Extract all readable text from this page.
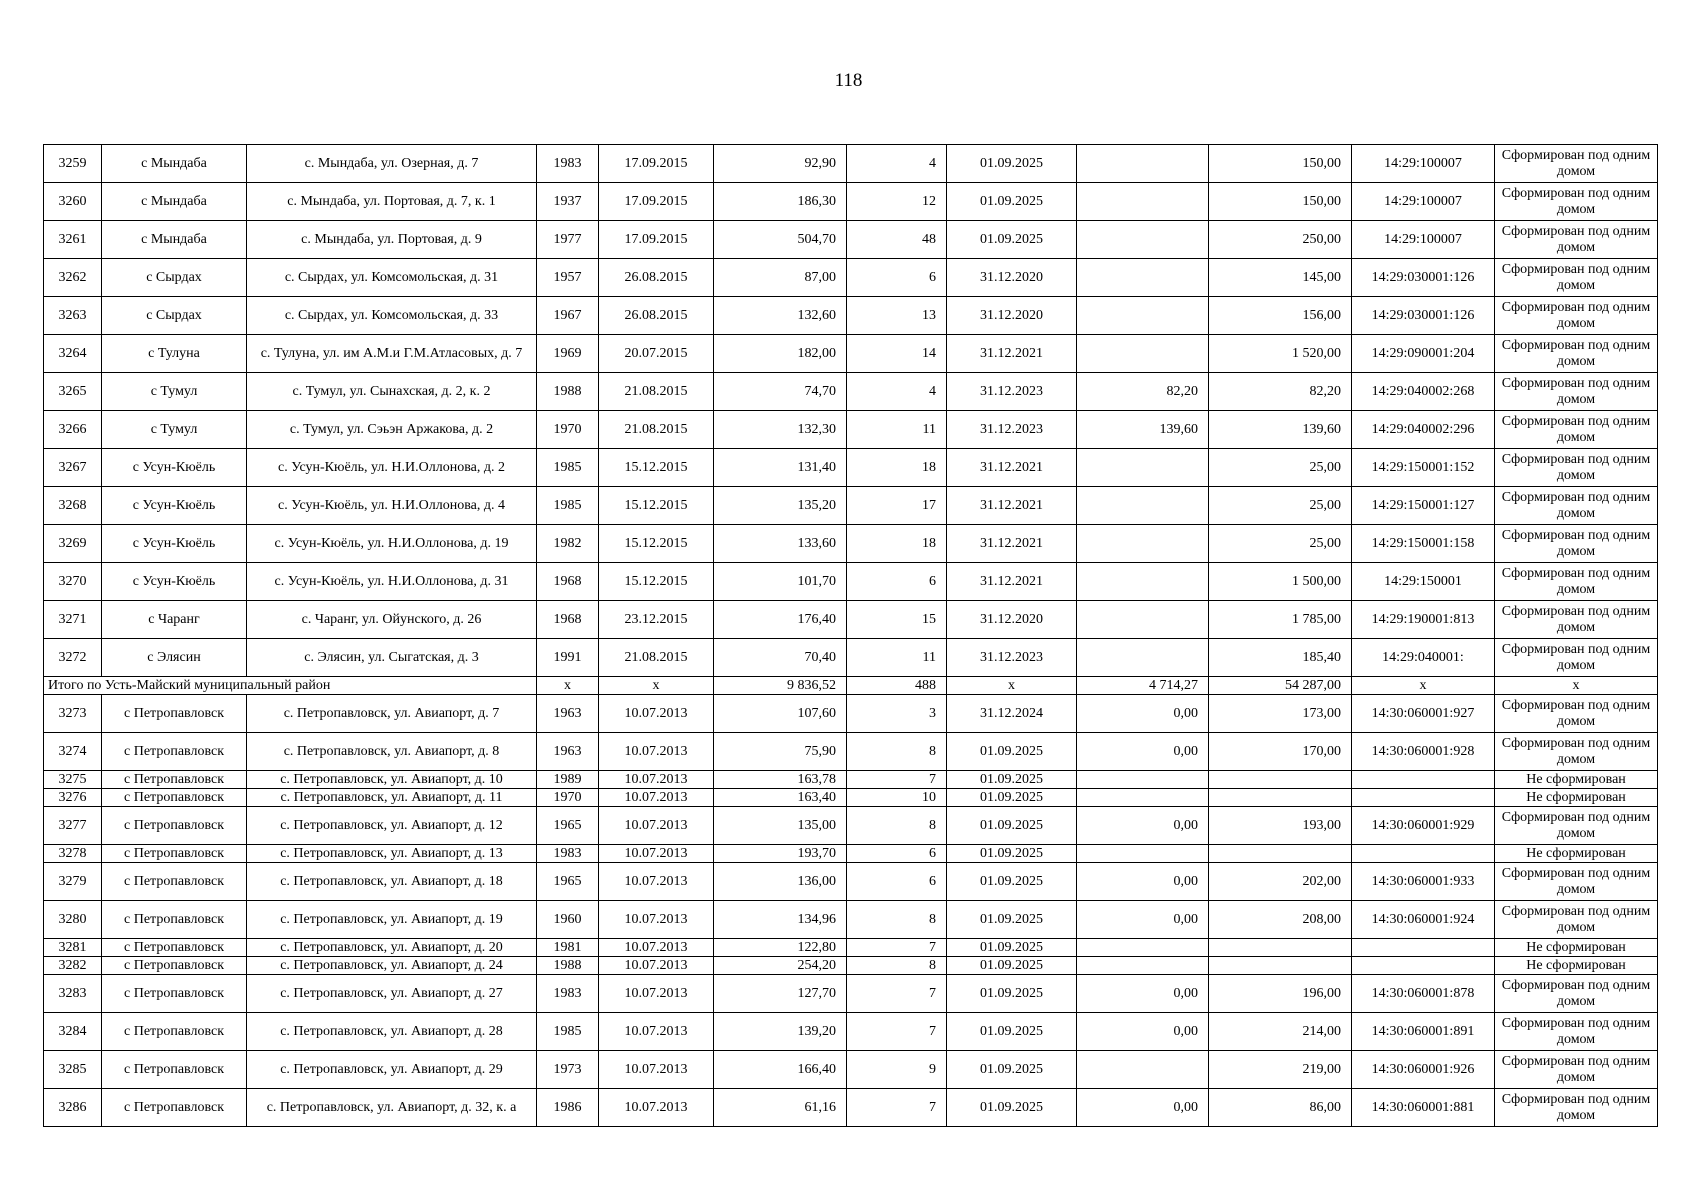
118
3259	с Мындаба	с. Мындаба, ул. Озерная, д. 7	1983	17.09.2015	92,90	4	01.09.2025		150,00	14:29:100007	Сформирован под одним домом
3260	с Мындаба	с. Мындаба, ул. Портовая, д. 7, к. 1	1937	17.09.2015	186,30	12	01.09.2025		150,00	14:29:100007	Сформирован под одним домом
3261	с Мындаба	с. Мындаба, ул. Портовая, д. 9	1977	17.09.2015	504,70	48	01.09.2025		250,00	14:29:100007	Сформирован под одним домом
3262	с Сырдах	с. Сырдах, ул. Комсомольская, д. 31	1957	26.08.2015	87,00	6	31.12.2020		145,00	14:29:030001:126	Сформирован под одним домом
3263	с Сырдах	с. Сырдах, ул. Комсомольская, д. 33	1967	26.08.2015	132,60	13	31.12.2020		156,00	14:29:030001:126	Сформирован под одним домом
3264	с Тулуна	с. Тулуна, ул. им А.М.и Г.М.Атласовых, д. 7	1969	20.07.2015	182,00	14	31.12.2021		1 520,00	14:29:090001:204	Сформирован под одним домом
3265	с Тумул	с. Тумул, ул. Сынахская, д. 2, к. 2	1988	21.08.2015	74,70	4	31.12.2023	82,20	82,20	14:29:040002:268	Сформирован под одним домом
3266	с Тумул	с. Тумул, ул. Сэьэн Аржакова, д. 2	1970	21.08.2015	132,30	11	31.12.2023	139,60	139,60	14:29:040002:296	Сформирован под одним домом
3267	с Усун-Кюёль	с. Усун-Кюёль, ул. Н.И.Оллонова, д. 2	1985	15.12.2015	131,40	18	31.12.2021		25,00	14:29:150001:152	Сформирован под одним домом
3268	с Усун-Кюёль	с. Усун-Кюёль, ул. Н.И.Оллонова, д. 4	1985	15.12.2015	135,20	17	31.12.2021		25,00	14:29:150001:127	Сформирован под одним домом
3269	с Усун-Кюёль	с. Усун-Кюёль, ул. Н.И.Оллонова, д. 19	1982	15.12.2015	133,60	18	31.12.2021		25,00	14:29:150001:158	Сформирован под одним домом
3270	с Усун-Кюёль	с. Усун-Кюёль, ул. Н.И.Оллонова, д. 31	1968	15.12.2015	101,70	6	31.12.2021		1 500,00	14:29:150001	Сформирован под одним домом
3271	с Чаранг	с. Чаранг, ул. Ойунского, д. 26	1968	23.12.2015	176,40	15	31.12.2020		1 785,00	14:29:190001:813	Сформирован под одним домом
3272	с Элясин	с. Элясин, ул. Сыгатская, д. 3	1991	21.08.2015	70,40	11	31.12.2023		185,40	14:29:040001:	Сформирован под одним домом
Итого по Усть-Майский муниципальный район			x	x	9 836,52	488	x	4 714,27	54 287,00	x	x
3273	с Петропавловск	с. Петропавловск, ул. Авиапорт, д. 7	1963	10.07.2013	107,60	3	31.12.2024	0,00	173,00	14:30:060001:927	Сформирован под одним домом
3274	с Петропавловск	с. Петропавловск, ул. Авиапорт, д. 8	1963	10.07.2013	75,90	8	01.09.2025	0,00	170,00	14:30:060001:928	Сформирован под одним домом
3275	с Петропавловск	с. Петропавловск, ул. Авиапорт, д. 10	1989	10.07.2013	163,78	7	01.09.2025				Не сформирован
3276	с Петропавловск	с. Петропавловск, ул. Авиапорт, д. 11	1970	10.07.2013	163,40	10	01.09.2025				Не сформирован
3277	с Петропавловск	с. Петропавловск, ул. Авиапорт, д. 12	1965	10.07.2013	135,00	8	01.09.2025	0,00	193,00	14:30:060001:929	Сформирован под одним домом
3278	с Петропавловск	с. Петропавловск, ул. Авиапорт, д. 13	1983	10.07.2013	193,70	6	01.09.2025				Не сформирован
3279	с Петропавловск	с. Петропавловск, ул. Авиапорт, д. 18	1965	10.07.2013	136,00	6	01.09.2025	0,00	202,00	14:30:060001:933	Сформирован под одним домом
3280	с Петропавловск	с. Петропавловск, ул. Авиапорт, д. 19	1960	10.07.2013	134,96	8	01.09.2025	0,00	208,00	14:30:060001:924	Сформирован под одним домом
3281	с Петропавловск	с. Петропавловск, ул. Авиапорт, д. 20	1981	10.07.2013	122,80	7	01.09.2025				Не сформирован
3282	с Петропавловск	с. Петропавловск, ул. Авиапорт, д. 24	1988	10.07.2013	254,20	8	01.09.2025				Не сформирован
3283	с Петропавловск	с. Петропавловск, ул. Авиапорт, д. 27	1983	10.07.2013	127,70	7	01.09.2025	0,00	196,00	14:30:060001:878	Сформирован под одним домом
3284	с Петропавловск	с. Петропавловск, ул. Авиапорт, д. 28	1985	10.07.2013	139,20	7	01.09.2025	0,00	214,00	14:30:060001:891	Сформирован под одним домом
3285	с Петропавловск	с. Петропавловск, ул. Авиапорт, д. 29	1973	10.07.2013	166,40	9	01.09.2025		219,00	14:30:060001:926	Сформирован под одним домом
3286	с Петропавловск	с. Петропавловск, ул. Авиапорт, д. 32, к. а	1986	10.07.2013	61,16	7	01.09.2025	0,00	86,00	14:30:060001:881	Сформирован под одним домом
